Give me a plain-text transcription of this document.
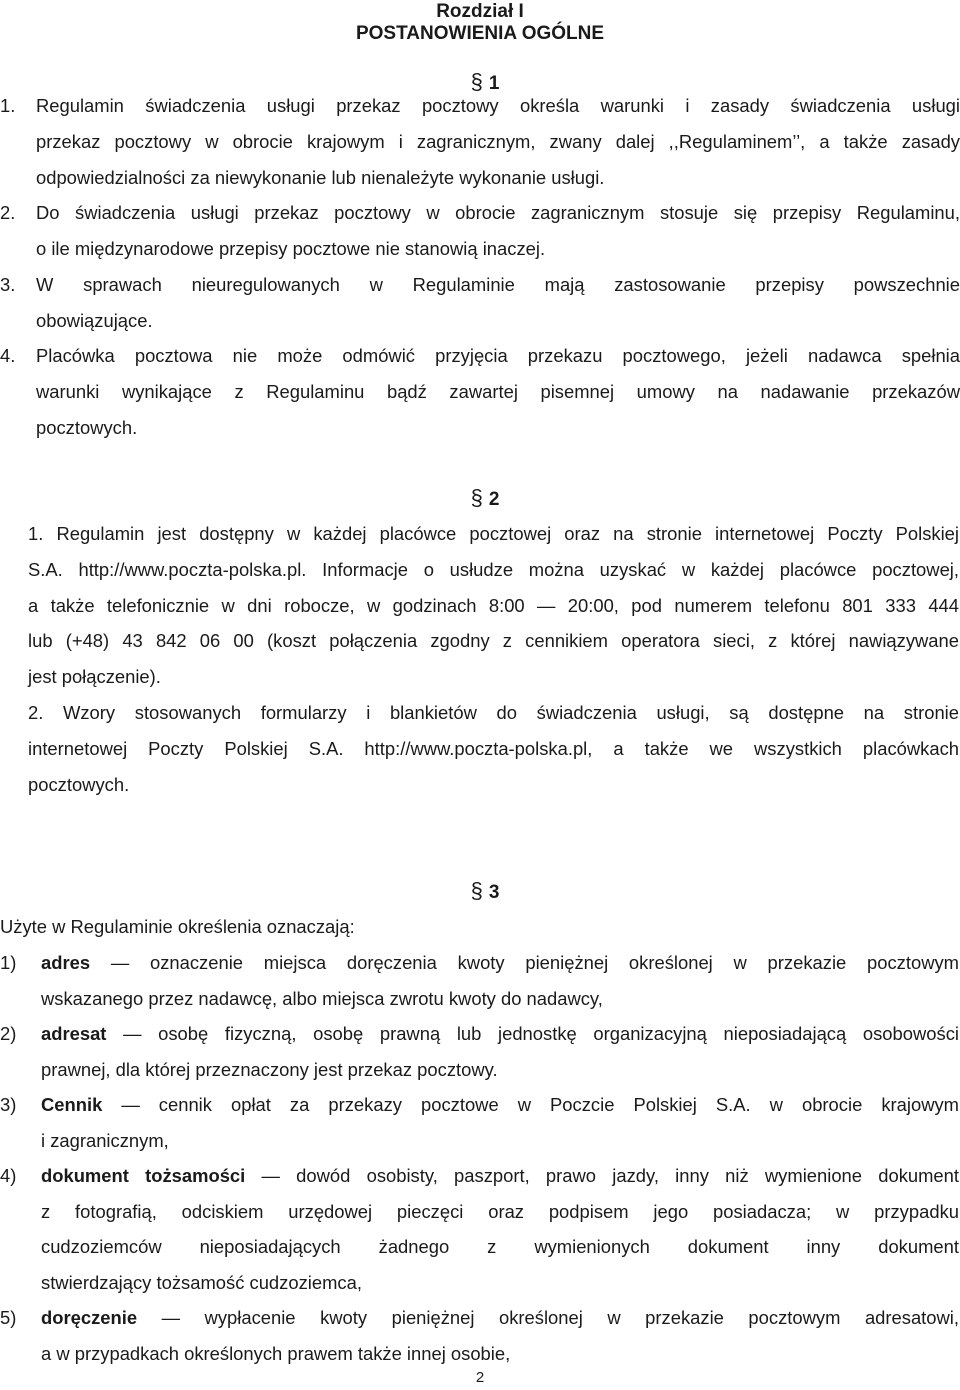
Rozdział I
POSTANOWIENIA OGÓLNE
§ 1
1. Regulamin świadczenia usługi przekaz pocztowy określa warunki i zasady świadczenia usługi
przekaz pocztowy w obrocie krajowym i zagranicznym, zwany dalej ,,Regulaminem’’, a także zasady
odpowiedzialności za niewykonanie lub nienależyte wykonanie usługi.
2. Do świadczenia usługi przekaz pocztowy w obrocie zagranicznym stosuje się przepisy Regulaminu,
o ile międzynarodowe przepisy pocztowe nie stanowią inaczej.
3. W sprawach nieuregulowanych w Regulaminie mają zastosowanie przepisy powszechnie
obowiązujące.
4. Placówka pocztowa nie może odmówić przyjęcia przekazu pocztowego, jeżeli nadawca spełnia
warunki wynikające z Regulaminu bądź zawartej pisemnej umowy na nadawanie przekazów
pocztowych.
§ 2
1. Regulamin jest dostępny w każdej placówce pocztowej oraz na stronie internetowej Poczty Polskiej
S.A. http://www.poczta-polska.pl. Informacje o usłudze można uzyskać w każdej placówce pocztowej,
a także telefonicznie w dni robocze, w godzinach 8:00 — 20:00, pod numerem telefonu 801 333 444
lub (+48) 43 842 06 00 (koszt połączenia zgodny z cennikiem operatora sieci, z której nawiązywane
jest połączenie).
2. Wzory stosowanych formularzy i blankietów do świadczenia usługi, są dostępne na stronie
internetowej Poczty Polskiej S.A. http://www.poczta-polska.pl, a także we wszystkich placówkach
pocztowych.
§ 3
Użyte w Regulaminie określenia oznaczają:
1) adres — oznaczenie miejsca doręczenia kwoty pieniężnej określonej w przekazie pocztowym
wskazanego przez nadawcę, albo miejsca zwrotu kwoty do nadawcy,
2) adresat — osobę fizyczną, osobę prawną lub jednostkę organizacyjną nieposiadającą osobowości
prawnej, dla której przeznaczony jest przekaz pocztowy.
3) Cennik — cennik opłat za przekazy pocztowe w Poczcie Polskiej S.A. w obrocie krajowym
i zagranicznym,
4) dokument tożsamości — dowód osobisty, paszport, prawo jazdy, inny niż wymienione dokument
z fotografią, odciskiem urzędowej pieczęci oraz podpisem jego posiadacza; w przypadku
cudzoziemców nieposiadających żadnego z wymienionych dokument inny dokument
stwierdzający tożsamość cudzoziemca,
5) doręczenie — wypłacenie kwoty pieniężnej określonej w przekazie pocztowym adresatowi,
a w przypadkach określonych prawem także innej osobie,
2
